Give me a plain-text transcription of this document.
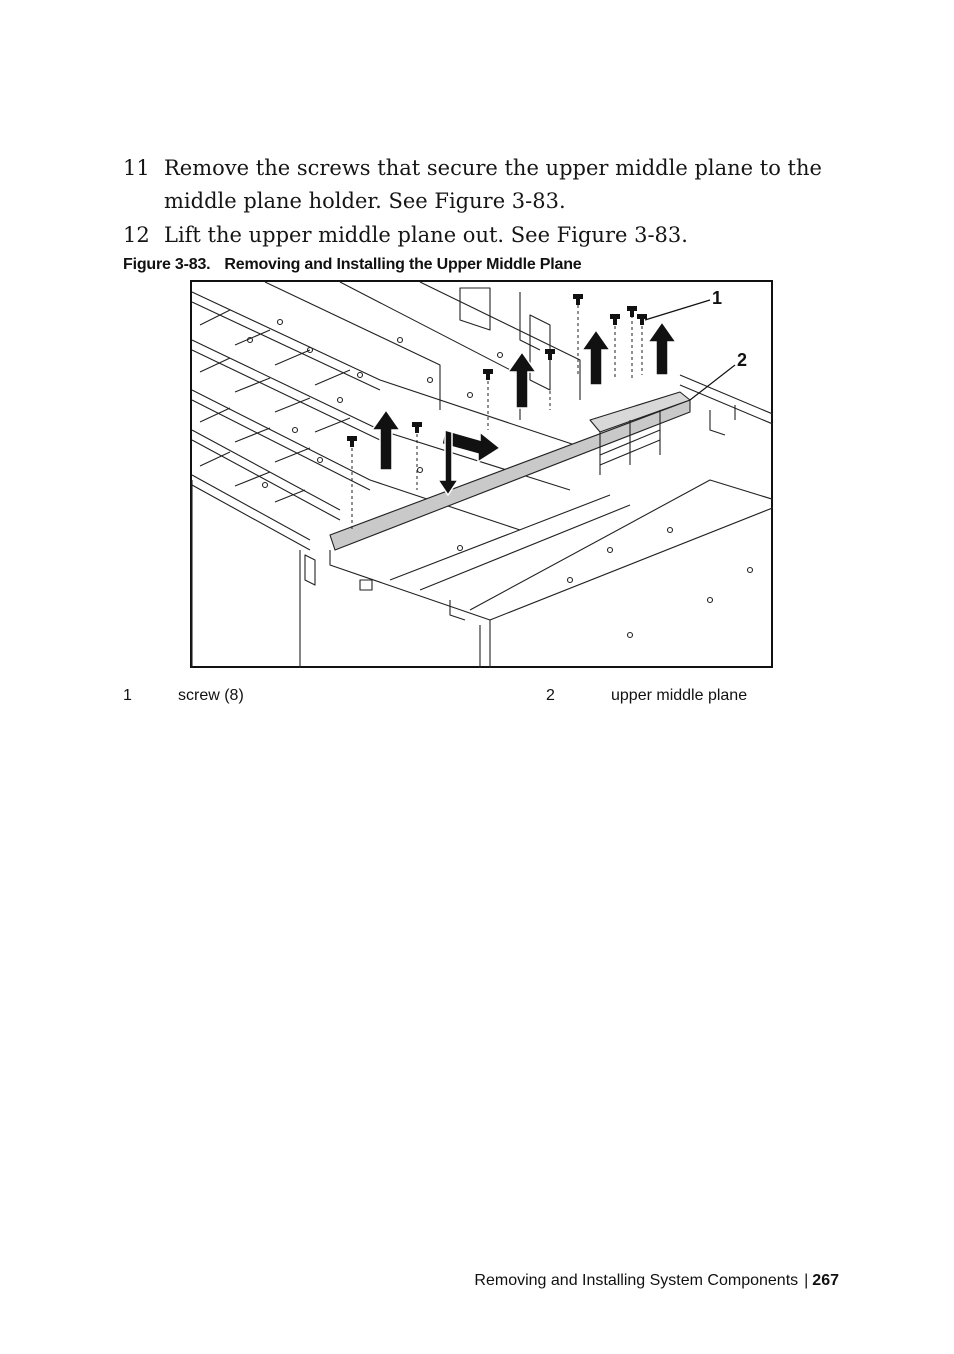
11 Remove the screws that secure the upper middle plane to the middle plane holder. See Figure 3-83.
12 Lift the upper middle plane out. See Figure 3-83.
Figure 3-83. Removing and Installing the Upper Middle Plane
1
2
1	screw (8)	2	upper middle plane
Removing and Installing System Components | 267
